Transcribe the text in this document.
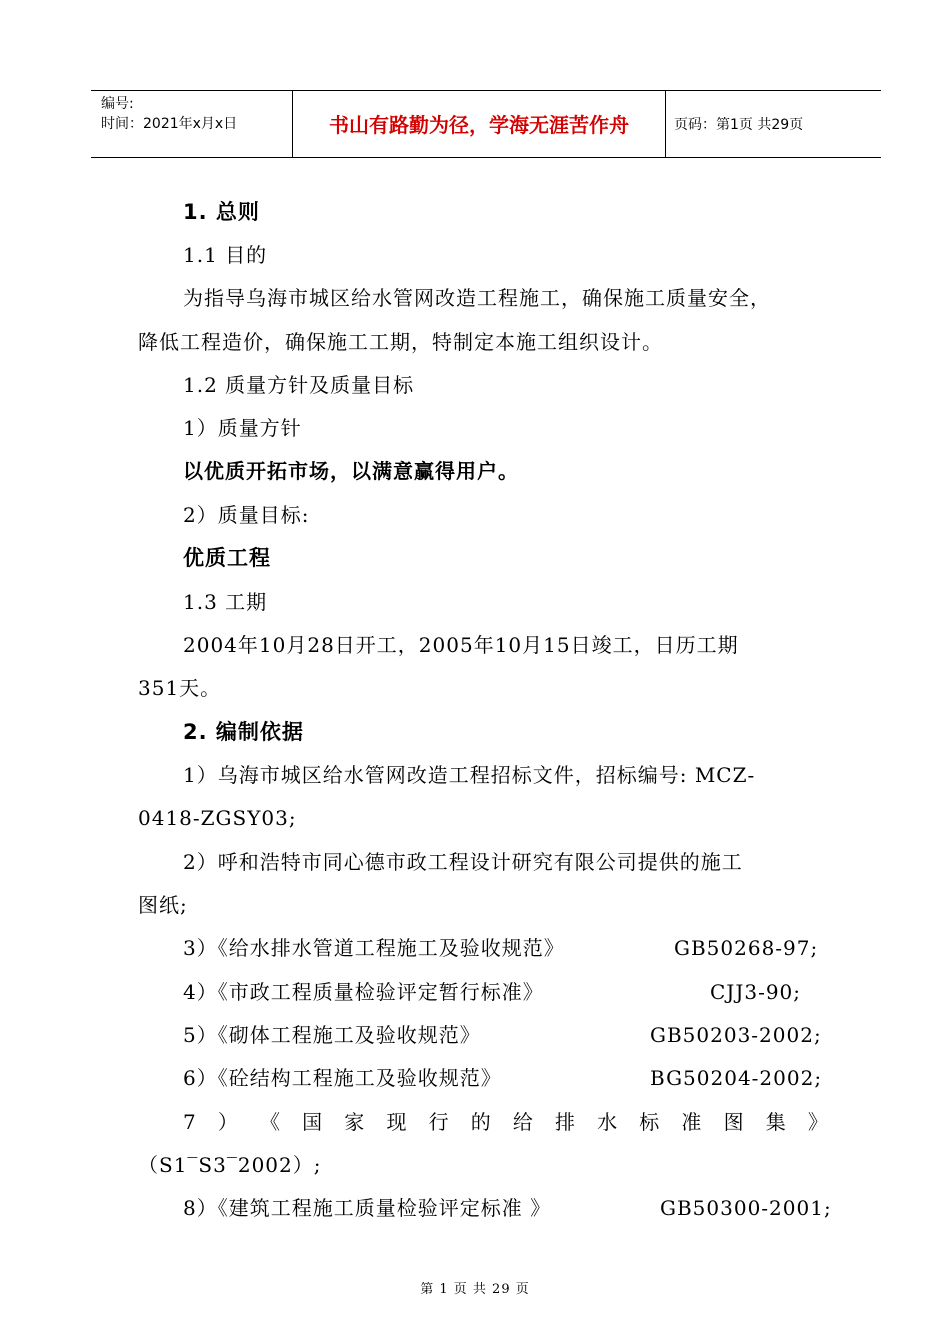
编号:
时间：2021年x月x日	书山有路勤为径，学海无涯苦作舟	页码：第1页 共29页
1. 总则
1.1 目的
为指导乌海市城区给水管网改造工程施工，确保施工质量安全，
降低工程造价，确保施工工期，特制定本施工组织设计。
1.2 质量方针及质量目标
1）质量方针
以优质开拓市场，以满意赢得用户。
2）质量目标:
优质工程
1.3 工期
2004年10月28日开工，2005年10月15日竣工，日历工期
351天。
2. 编制依据
1）乌海市城区给水管网改造工程招标文件，招标编号: MCZ-
0418-ZGSY03;
2）呼和浩特市同心德市政工程设计研究有限公司提供的施工
图纸;
3）《给水排水管道工程施工及验收规范》	GB50268-97;
4）《市政工程质量检验评定暂行标准》	CJJ3-90;
5）《砌体工程施工及验收规范》	GB50203-2002;
6）《砼结构工程施工及验收规范》	BG50204-2002;
7 ） 《 国 家 现 行 的 给 排 水 标 准 图 集 》
（S1‾S3‾2002）;
8）《建筑工程施工质量检验评定标准 》	GB50300-2001;
第 1 页 共 29 页
